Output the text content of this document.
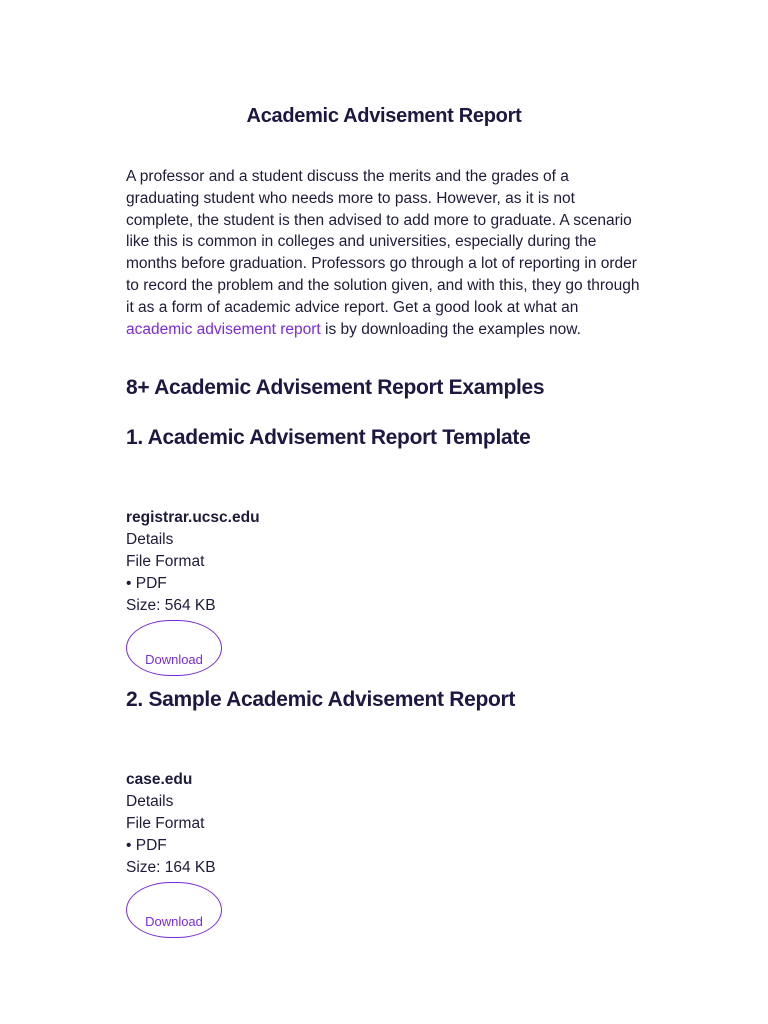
Academic Advisement Report

A professor and a student discuss the merits and the grades of a graduating student who needs more to pass. However, as it is not complete, the student is then advised to add more to graduate. A scenario like this is common in colleges and universities, especially during the months before graduation. Professors go through a lot of reporting in order to record the problem and the solution given, and with this, they go through it as a form of academic advice report. Get a good look at what an academic advisement report is by downloading the examples now.

8+ Academic Advisement Report Examples
1. Academic Advisement Report Template
registrar.ucsc.edu
Details
File Format
• PDF
Size: 564 KB
Download
2. Sample Academic Advisement Report
case.edu
Details
File Format
• PDF
Size: 164 KB
Download
